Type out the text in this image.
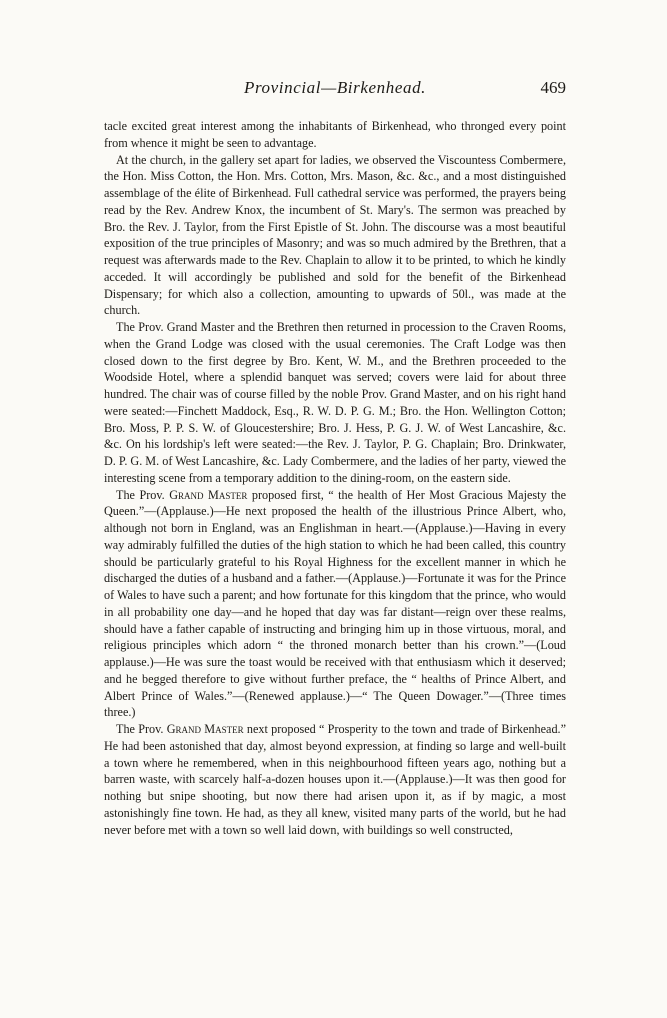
Provincial—Birkenhead.	469

tacle excited great interest among the inhabitants of Birkenhead, who thronged every point from whence it might be seen to advantage.

At the church, in the gallery set apart for ladies, we observed the Viscountess Combermere, the Hon. Miss Cotton, the Hon. Mrs. Cotton, Mrs. Mason, &c. &c., and a most distinguished assemblage of the élite of Birkenhead. Full cathedral service was performed, the prayers being read by the Rev. Andrew Knox, the incumbent of St. Mary's. The sermon was preached by Bro. the Rev. J. Taylor, from the First Epistle of St. John. The discourse was a most beautiful exposition of the true principles of Masonry; and was so much admired by the Brethren, that a request was afterwards made to the Rev. Chaplain to allow it to be printed, to which he kindly acceded. It will accordingly be published and sold for the benefit of the Birkenhead Dispensary; for which also a collection, amounting to upwards of 50l., was made at the church.

The Prov. Grand Master and the Brethren then returned in procession to the Craven Rooms, when the Grand Lodge was closed with the usual ceremonies. The Craft Lodge was then closed down to the first degree by Bro. Kent, W. M., and the Brethren proceeded to the Woodside Hotel, where a splendid banquet was served; covers were laid for about three hundred. The chair was of course filled by the noble Prov. Grand Master, and on his right hand were seated:—Finchett Maddock, Esq., R. W. D. P. G. M.; Bro. the Hon. Wellington Cotton; Bro. Moss, P. P. S. W. of Gloucestershire; Bro. J. Hess, P. G. J. W. of West Lancashire, &c. &c. On his lordship's left were seated:—the Rev. J. Taylor, P. G. Chaplain; Bro. Drinkwater, D. P. G. M. of West Lancashire, &c. Lady Combermere, and the ladies of her party, viewed the interesting scene from a temporary addition to the dining-room, on the eastern side.

The Prov. Grand Master proposed first, “ the health of Her Most Gracious Majesty the Queen.”—(Applause.)—He next proposed the health of the illustrious Prince Albert, who, although not born in England, was an Englishman in heart.—(Applause.)—Having in every way admirably fulfilled the duties of the high station to which he had been called, this country should be particularly grateful to his Royal Highness for the excellent manner in which he discharged the duties of a husband and a father.—(Applause.)—Fortunate it was for the Prince of Wales to have such a parent; and how fortunate for this kingdom that the prince, who would in all probability one day—and he hoped that day was far distant—reign over these realms, should have a father capable of instructing and bringing him up in those virtuous, moral, and religious principles which adorn “ the throned monarch better than his crown.”—(Loud applause.)—He was sure the toast would be received with that enthusiasm which it deserved; and he begged therefore to give without further preface, the “ healths of Prince Albert, and Albert Prince of Wales.”—(Renewed applause.)—“ The Queen Dowager.”—(Three times three.)

The Prov. Grand Master next proposed “ Prosperity to the town and trade of Birkenhead.” He had been astonished that day, almost beyond expression, at finding so large and well-built a town where he remembered, when in this neighbourhood fifteen years ago, nothing but a barren waste, with scarcely half-a-dozen houses upon it.—(Applause.)—It was then good for nothing but snipe shooting, but now there had arisen upon it, as if by magic, a most astonishingly fine town. He had, as they all knew, visited many parts of the world, but he had never before met with a town so well laid down, with buildings so well constructed,
